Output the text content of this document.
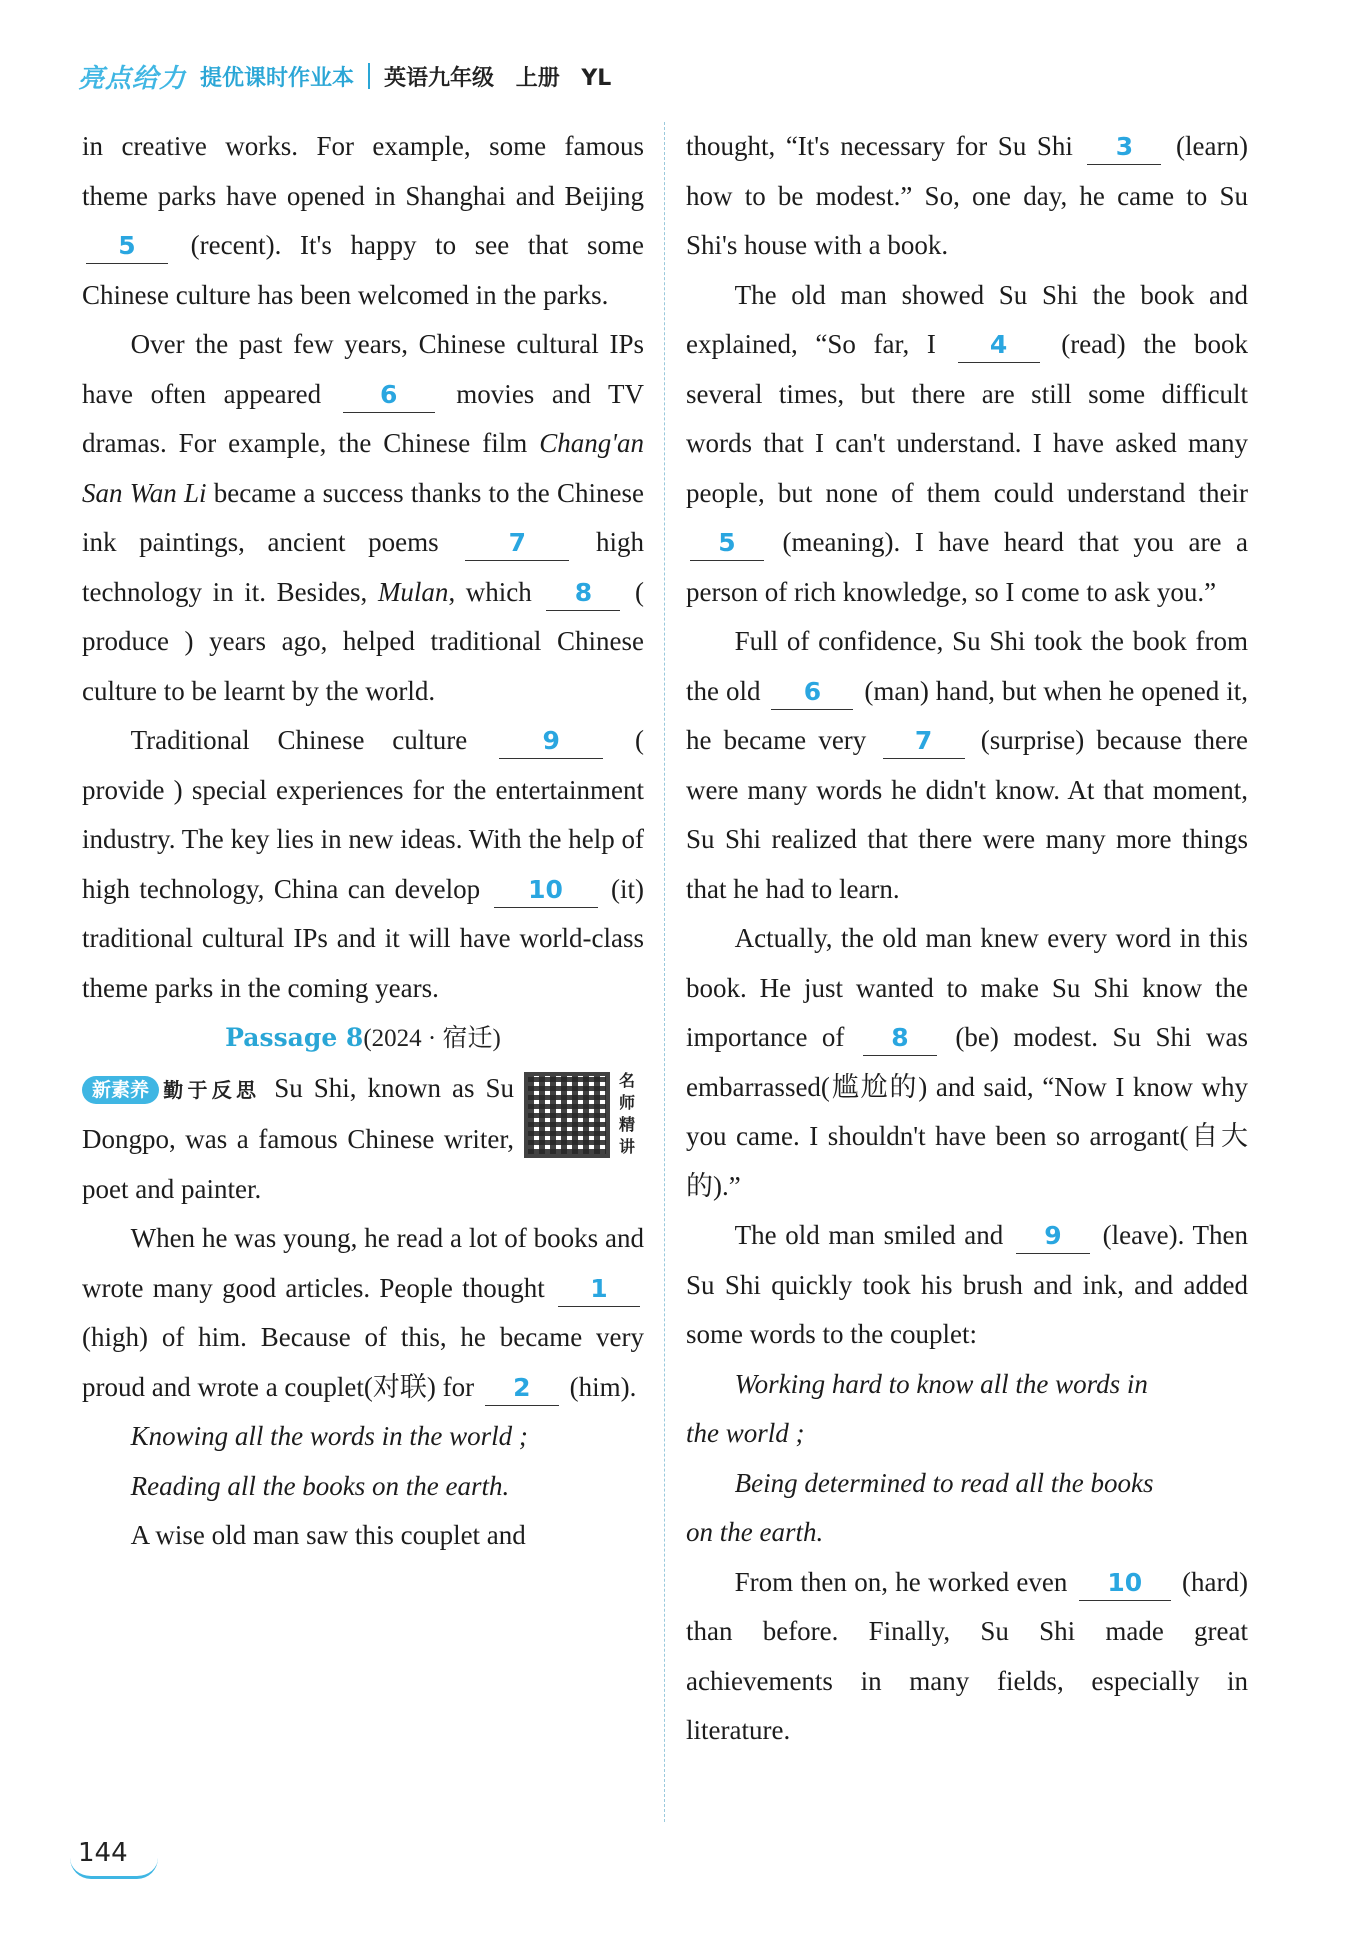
亮点给力 提优课时作业本 英语九年级 上册 YL

in creative works. For example, some famous theme parks have opened in Shanghai and Beijing 5 (recent). It's happy to see that some Chinese culture has been welcomed in the parks.

Over the past few years, Chinese cultural IPs have often appeared 6 movies and TV dramas. For example, the Chinese film Chang'an San Wan Li became a success thanks to the Chinese ink paintings, ancient poems 7 high technology in it. Besides, Mulan, which 8 ( produce ) years ago, helped traditional Chinese culture to be learnt by the world.

Traditional Chinese culture 9 ( provide ) special experiences for the entertainment industry. The key lies in new ideas. With the help of high technology, China can develop 10 (it) traditional cultural IPs and it will have world-class theme parks in the coming years.

Passage 8(2024 · 宿迁)

新素养 勤于反思 Su Shi, known as Su Dongpo, was a famous Chinese writer, poet and painter.

名师精讲

When he was young, he read a lot of books and wrote many good articles. People thought 1 (high) of him. Because of this, he became very proud and wrote a couplet(对联) for 2 (him).

Knowing all the words in the world ;

Reading all the books on the earth.

A wise old man saw this couplet and

thought, “It's necessary for Su Shi 3 (learn) how to be modest.” So, one day, he came to Su Shi's house with a book.

The old man showed Su Shi the book and explained, “So far, I 4 (read) the book several times, but there are still some difficult words that I can't understand. I have asked many people, but none of them could understand their 5 (meaning). I have heard that you are a person of rich knowledge, so I come to ask you.”

Full of confidence, Su Shi took the book from the old 6 (man) hand, but when he opened it, he became very 7 (surprise) because there were many words he didn't know. At that moment, Su Shi realized that there were many more things that he had to learn.

Actually, the old man knew every word in this book. He just wanted to make Su Shi know the importance of 8 (be) modest. Su Shi was embarrassed(尴尬的) and said, “Now I know why you came. I shouldn't have been so arrogant(自大的).”

The old man smiled and 9 (leave). Then Su Shi quickly took his brush and ink, and added some words to the couplet:

Working hard to know all the words in

the world ;

Being determined to read all the books

on the earth.

From then on, he worked even 10 (hard) than before. Finally, Su Shi made great achievements in many fields, especially in literature.

144
